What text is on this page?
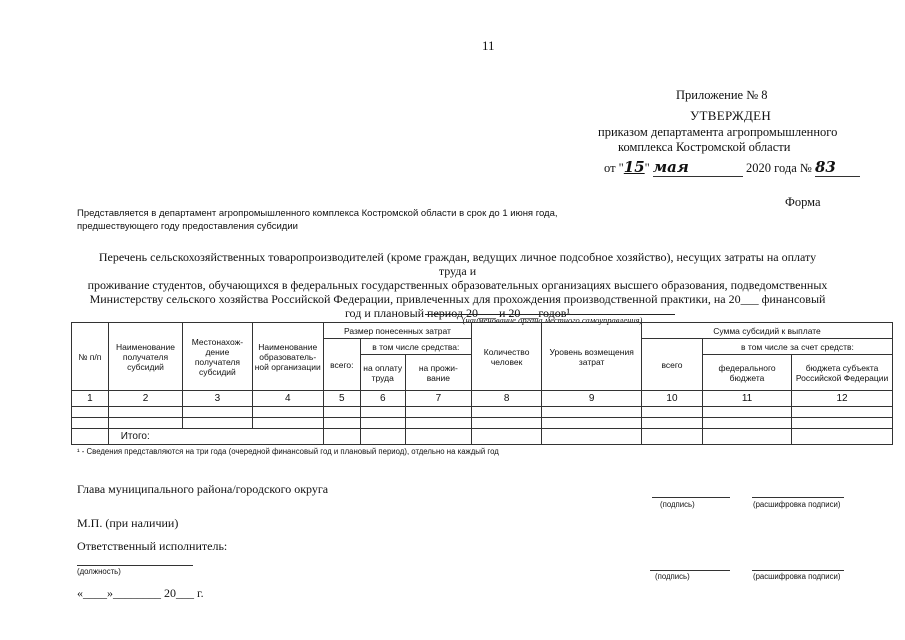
11
Приложение № 8
УТВЕРЖДЕН
приказом департамента агропромышленного
комплекса Костромской области
от "15" мая	2020 года № 83
Форма
Представляется в департамент агропромышленного комплекса Костромской области в срок до 1 июня года,
предшествующего году предоставления субсидии

Перечень сельскохозяйственных товаропроизводителей (кроме граждан, ведущих личное подсобное хозяйство), несущих затраты на оплату труда и

проживание студентов, обучающихся в федеральных государственных образовательных организациях высшего образования, подведомственных

Министерству сельского хозяйства Российской Федерации, привлеченных для прохождения производственной практики, на 20___ финансовый

год и плановый период 20___ и 20___годов¹

(наименование органа местного самоуправления)
№ п/п	Наименование получателя субсидий	Местонахож- дение получателя субсидий	Наименование образователь- ной организации	Размер понесенных затрат			Количество человек	Уровень возмещения затрат	Сумма субсидий к выплате		
				всего:	в том числе средства:				всего	в том числе за счет средств:	
					на оплату труда	на прожи- вание				федерального бюджета	бюджета субъекта Российской Федерации
1	2	3	4	5	6	7	8	9	10	11	12

	Итого:										
¹ - Сведения представляются на три года (очередной финансовый год и плановый период), отдельно на каждый год
Глава муниципального района/городского округа
(подпись)	(расшифровка подписи)
М.П. (при наличии)
Ответственный исполнитель:
(должность)
(подпись)	(расшифровка подписи)
«____»________ 20___ г.
